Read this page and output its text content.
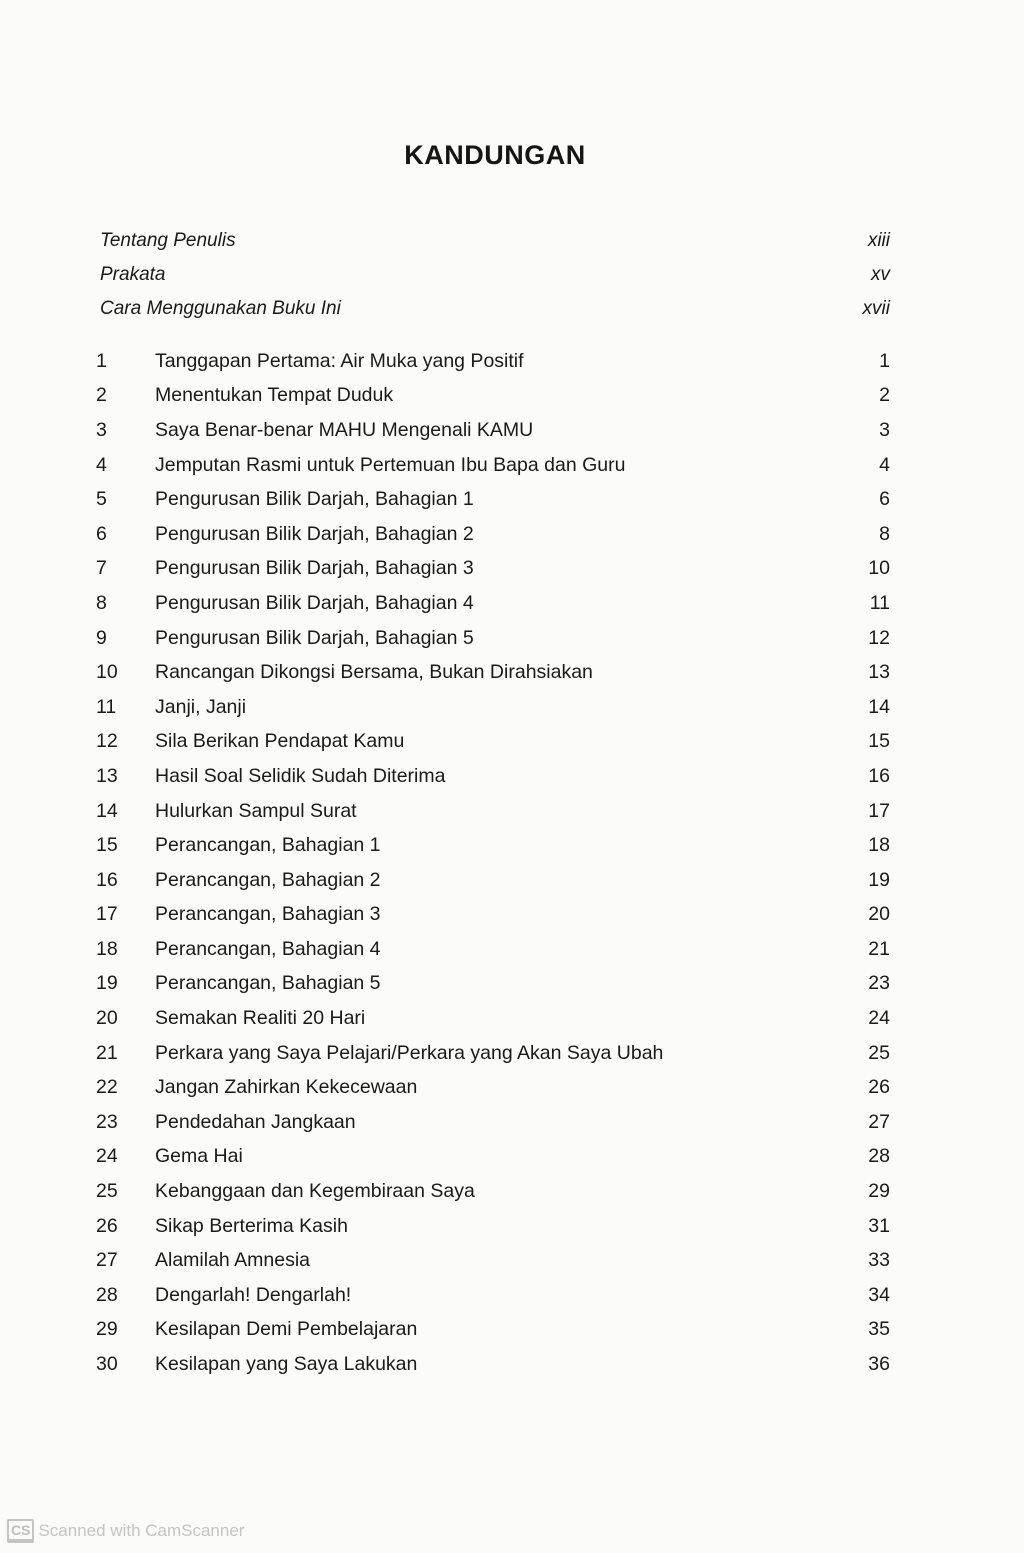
KANDUNGAN
Tentang Penulis	xiii
Prakata	xv
Cara Menggunakan Buku Ini	xvii
1	Tanggapan Pertama: Air Muka yang Positif	1
2	Menentukan Tempat Duduk	2
3	Saya Benar-benar MAHU Mengenali KAMU	3
4	Jemputan Rasmi untuk Pertemuan Ibu Bapa dan Guru	4
5	Pengurusan Bilik Darjah, Bahagian 1	6
6	Pengurusan Bilik Darjah, Bahagian 2	8
7	Pengurusan Bilik Darjah, Bahagian 3	10
8	Pengurusan Bilik Darjah, Bahagian 4	11
9	Pengurusan Bilik Darjah, Bahagian 5	12
10	Rancangan Dikongsi Bersama, Bukan Dirahsiakan	13
11	Janji, Janji	14
12	Sila Berikan Pendapat Kamu	15
13	Hasil Soal Selidik Sudah Diterima	16
14	Hulurkan Sampul Surat	17
15	Perancangan, Bahagian 1	18
16	Perancangan, Bahagian 2	19
17	Perancangan, Bahagian 3	20
18	Perancangan, Bahagian 4	21
19	Perancangan, Bahagian 5	23
20	Semakan Realiti 20 Hari	24
21	Perkara yang Saya Pelajari/Perkara yang Akan Saya Ubah	25
22	Jangan Zahirkan Kekecewaan	26
23	Pendedahan Jangkaan	27
24	Gema Hai	28
25	Kebanggaan dan Kegembiraan Saya	29
26	Sikap Berterima Kasih	31
27	Alamilah Amnesia	33
28	Dengarlah! Dengarlah!	34
29	Kesilapan Demi Pembelajaran	35
30	Kesilapan yang Saya Lakukan	36
CS Scanned with CamScanner
